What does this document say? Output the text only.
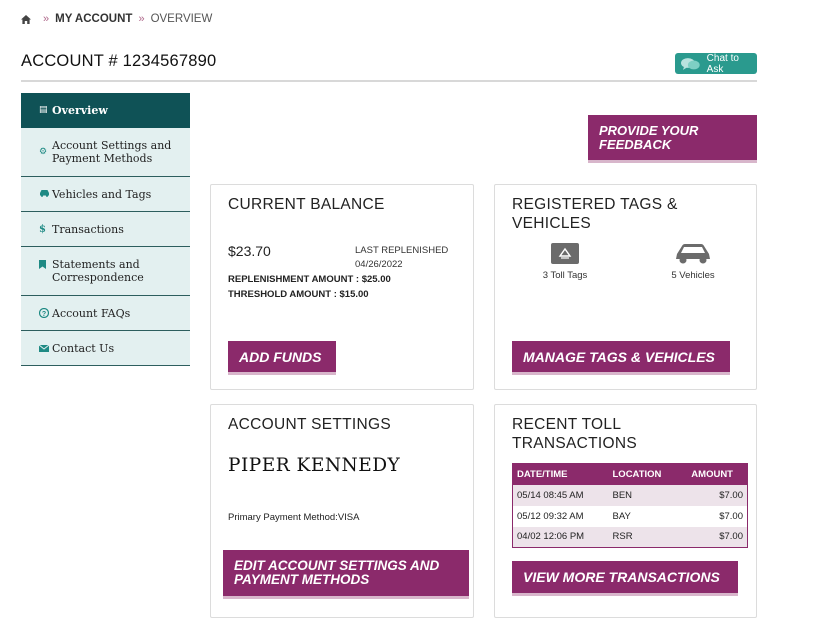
» MY ACCOUNT » OVERVIEW
ACCOUNT # 1234567890	Chat to Ask
▤ Overview
⚙ Account Settings and Payment Methods
Vehicles and Tags
$ Transactions
Statements and Correspondence
? Account FAQs
Contact Us
PROVIDE YOUR FEEDBACK
CURRENT BALANCE
$23.70	LAST REPLENISHED
04/26/2022
REPLENISHMENT AMOUNT : $25.00
THRESHOLD AMOUNT : $15.00
ADD FUNDS
REGISTERED TAGS & VEHICLES
3 Toll Tags	5 Vehicles
MANAGE TAGS & VEHICLES
ACCOUNT SETTINGS
PIPER KENNEDY
Primary Payment Method:VISA
EDIT ACCOUNT SETTINGS AND PAYMENT METHODS
RECENT TOLL TRANSACTIONS
DATE/TIME	LOCATION	AMOUNT
05/14 08:45 AM	BEN	$7.00
05/12 09:32 AM	BAY	$7.00
04/02 12:06 PM	RSR	$7.00
VIEW MORE TRANSACTIONS
